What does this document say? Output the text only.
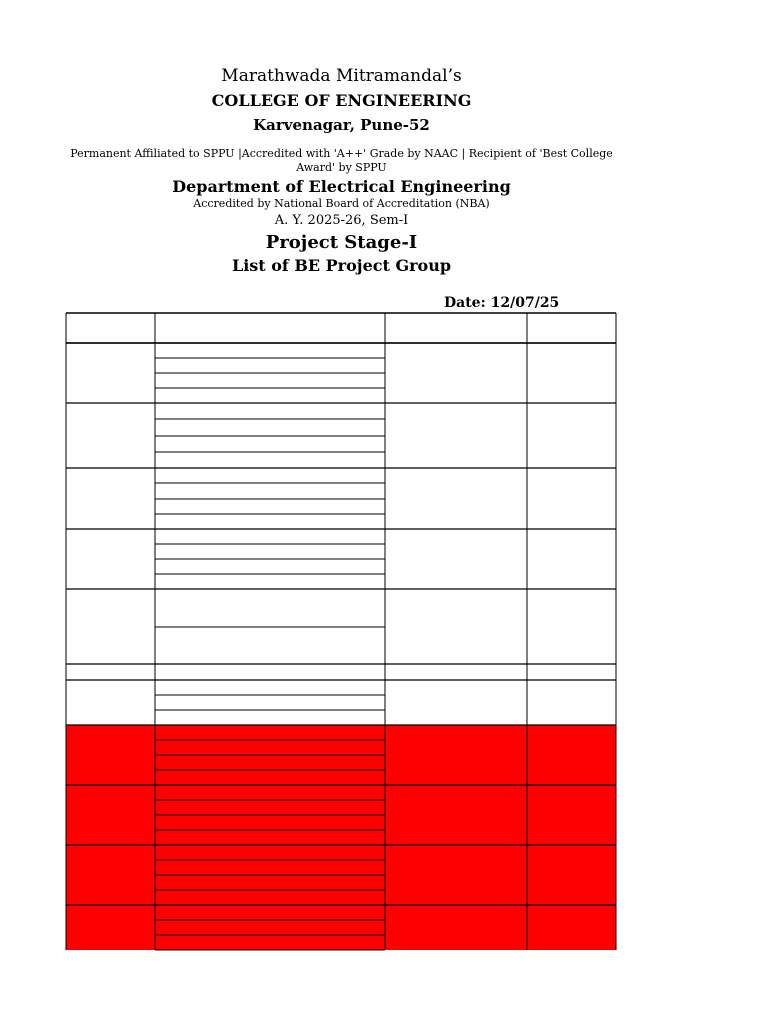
Marathwada Mitramandal’s
COLLEGE OF ENGINEERING
Karvenagar, Pune-52
Permanent Affiliated to SPPU |Accredited with 'A++' Grade by NAAC | Recipient of 'Best College
Award' by SPPU
Department of Electrical Engineering
Accredited by National Board of Accreditation (NBA)
A. Y. 2025-26, Sem-I
Project Stage-I
List of BE Project Group
Date: 12/07/25
